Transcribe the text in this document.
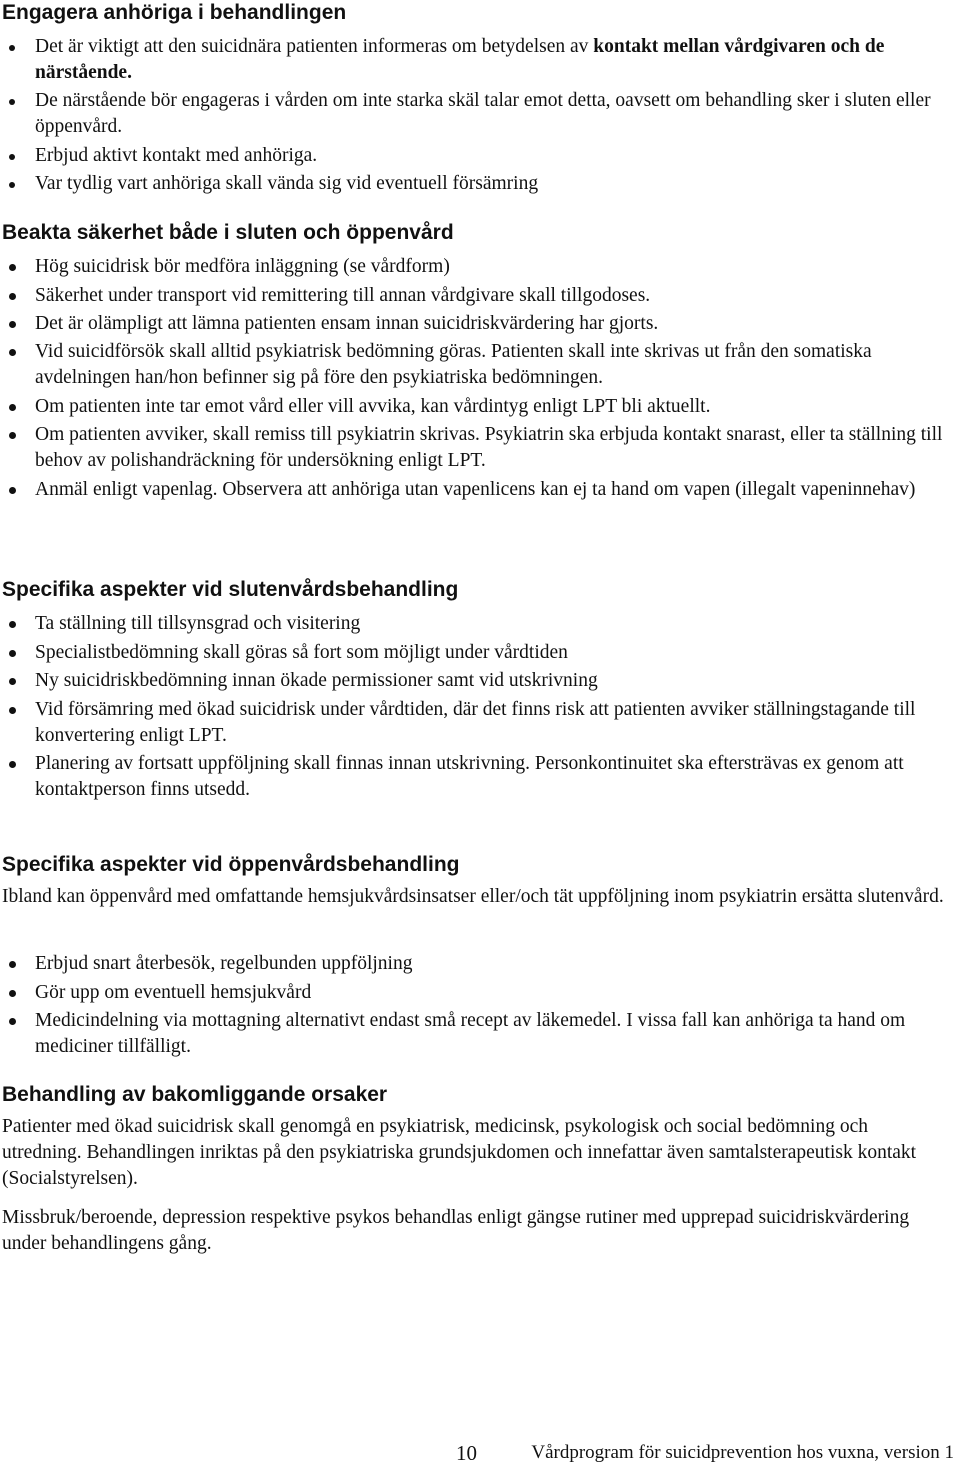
Engagera anhöriga i behandlingen
Det är viktigt att den suicidnära patienten informeras om betydelsen av kontakt mellan vårdgivaren och de närstående.
De närstående bör engageras i vården om inte starka skäl talar emot detta, oavsett om behandling sker i sluten eller öppenvård.
Erbjud aktivt kontakt med anhöriga.
Var tydlig vart anhöriga skall vända sig vid eventuell försämring
Beakta säkerhet både i sluten och öppenvård
Hög suicidrisk bör medföra inläggning (se vårdform)
Säkerhet under transport vid remittering till annan vårdgivare skall tillgodoses.
Det är olämpligt att lämna patienten ensam innan suicidriskvärdering har gjorts.
Vid suicidförsök skall alltid psykiatrisk bedömning göras. Patienten skall inte skrivas ut från den somatiska avdelningen han/hon befinner sig på före den psykiatriska bedömningen.
Om patienten inte tar emot vård eller vill avvika, kan vårdintyg enligt LPT bli aktuellt.
Om patienten avviker, skall remiss till psykiatrin skrivas. Psykiatrin ska erbjuda kontakt snarast, eller ta ställning till behov av polishandräckning för undersökning enligt LPT.
Anmäl enligt vapenlag. Observera att anhöriga utan vapenlicens kan ej ta hand om vapen (illegalt vapeninnehav)
Specifika aspekter vid slutenvårdsbehandling
Ta ställning till tillsynsgrad och visitering
Specialistbedömning skall göras så fort som möjligt under vårdtiden
Ny suicidriskbedömning innan ökade permissioner samt vid utskrivning
Vid försämring med ökad suicidrisk under vårdtiden, där det finns risk att patienten avviker ställningstagande till konvertering enligt LPT.
Planering av fortsatt uppföljning skall finnas innan utskrivning. Personkontinuitet ska eftersträvas ex genom att kontaktperson finns utsedd.
Specifika aspekter vid öppenvårdsbehandling

Ibland kan öppenvård med omfattande hemsjukvårdsinsatser eller/och tät uppföljning inom psykiatrin ersätta slutenvård.

Erbjud snart återbesök, regelbunden uppföljning
Gör upp om eventuell hemsjukvård
Medicindelning via mottagning alternativt endast små recept av läkemedel. I vissa fall kan anhöriga ta hand om mediciner tillfälligt.
Behandling av bakomliggande orsaker

Patienter med ökad suicidrisk skall genomgå en psykiatrisk, medicinsk, psykologisk och social bedömning och utredning. Behandlingen inriktas på den psykiatriska grundsjukdomen och innefattar även samtalsterapeutisk kontakt (Socialstyrelsen).

Missbruk/beroende, depression respektive psykos behandlas enligt gängse rutiner med upprepad suicidriskvärdering under behandlingens gång.

10	Vårdprogram för suicidprevention hos vuxna, version 1
